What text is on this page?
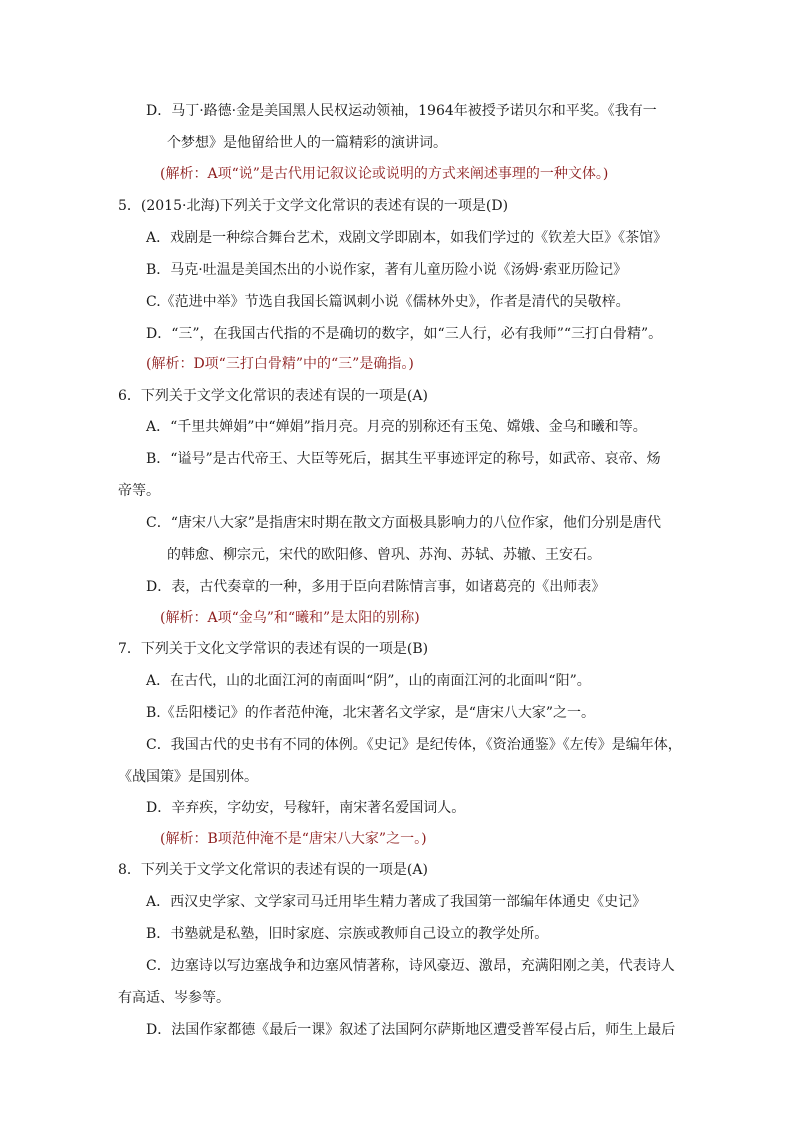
D．马丁·路德·金是美国黑人民权运动领袖，1964年被授予诺贝尔和平奖。《我有一
个梦想》是他留给世人的一篇精彩的演讲词。
　(解析：A项“说”是古代用记叙议论或说明的方式来阐述事理的一种文体。)
5．(2015·北海)下列关于文学文化常识的表述有误的一项是(D)
A．戏剧是一种综合舞台艺术，戏剧文学即剧本，如我们学过的《钦差大臣》《茶馆》
B．马克·吐温是美国杰出的小说作家，著有儿童历险小说《汤姆·索亚历险记》
C.《范进中举》节选自我国长篇讽刺小说《儒林外史》，作者是清代的吴敬梓。
D．“三”，在我国古代指的不是确切的数字，如“三人行，必有我师”“三打白骨精”。
(解析：D项“三打白骨精”中的“三”是确指。)
6．下列关于文学文化常识的表述有误的一项是(A)
A．“千里共婵娟”中“婵娟”指月亮。月亮的别称还有玉兔、嫦娥、金乌和曦和等。
B．“谥号”是古代帝王、大臣等死后，据其生平事迹评定的称号，如武帝、哀帝、炀
帝等。
C．“唐宋八大家”是指唐宋时期在散文方面极具影响力的八位作家，他们分别是唐代
的韩愈、柳宗元，宋代的欧阳修、曾巩、苏洵、苏轼、苏辙、王安石。
D．表，古代奏章的一种，多用于臣向君陈情言事，如诸葛亮的《出师表》
　(解析：A项“金乌”和“曦和”是太阳的别称)
7．下列关于文化文学常识的表述有误的一项是(B)
A．在古代，山的北面江河的南面叫“阴”，山的南面江河的北面叫“阳”。
B.《岳阳楼记》的作者范仲淹，北宋著名文学家，是“唐宋八大家”之一。
C．我国古代的史书有不同的体例。《史记》是纪传体，《资治通鉴》《左传》是编年体，
《战国策》是国别体。
D．辛弃疾，字幼安，号稼轩，南宋著名爱国词人。
　(解析：B项范仲淹不是“唐宋八大家”之一。)
8．下列关于文学文化常识的表述有误的一项是(A)
A．西汉史学家、文学家司马迁用毕生精力著成了我国第一部编年体通史《史记》
B．书塾就是私塾，旧时家庭、宗族或教师自己设立的教学处所。
C．边塞诗以写边塞战争和边塞风情著称，诗风豪迈、激昂，充满阳刚之美，代表诗人
有高适、岑参等。
D．法国作家都德《最后一课》叙述了法国阿尔萨斯地区遭受普军侵占后，师生上最后
